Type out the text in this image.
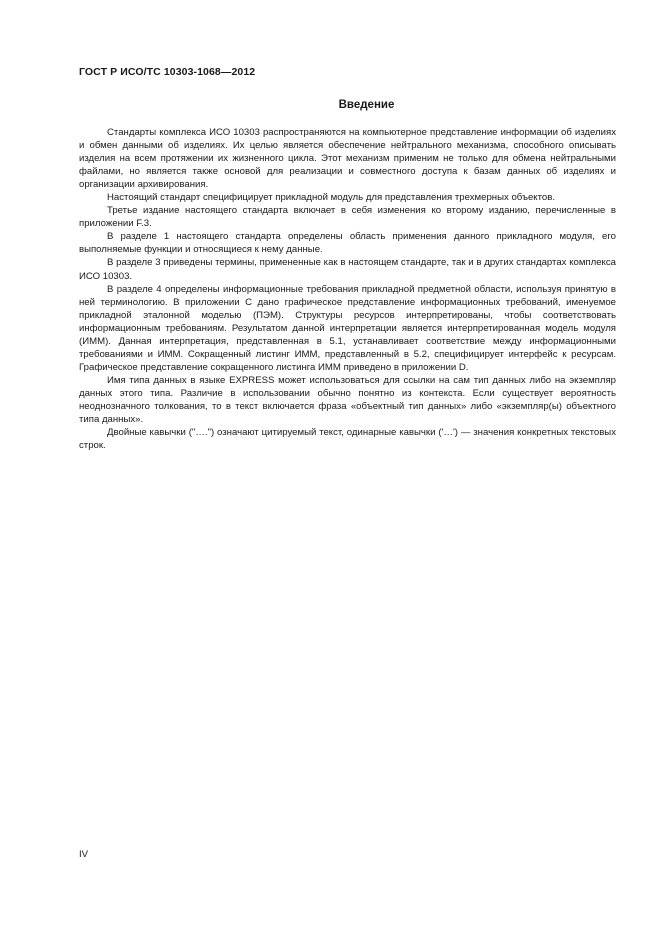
ГОСТ Р ИСО/ТС 10303-1068—2012
Введение

Стандарты комплекса ИСО 10303 распространяются на компьютерное представление информации об изделиях и обмен данными об изделиях. Их целью является обеспечение нейтрального механизма, способного описывать изделия на всем протяжении их жизненного цикла. Этот механизм применим не только для обмена нейтральными файлами, но является также основой для реализации и совместного доступа к базам данных об изделиях и организации архивирования.

Настоящий стандарт специфицирует прикладной модуль для представления трехмерных объектов.

Третье издание настоящего стандарта включает в себя изменения ко второму изданию, перечисленные в приложении F.3.

В разделе 1 настоящего стандарта определены область применения данного прикладного модуля, его выполняемые функции и относящиеся к нему данные.

В разделе 3 приведены термины, примененные как в настоящем стандарте, так и в других стандартах комплекса ИСО 10303.

В разделе 4 определены информационные требования прикладной предметной области, используя принятую в ней терминологию. В приложении С дано графическое представление информационных требований, именуемое прикладной эталонной моделью (ПЭМ). Структуры ресурсов интерпретированы, чтобы соответствовать информационным требованиям. Результатом данной интерпретации является интерпретированная модель модуля (ИММ). Данная интерпретация, представленная в 5.1, устанавливает соответствие между информационными требованиями и ИММ. Сокращенный листинг ИММ, представленный в 5.2, специфицирует интерфейс к ресурсам. Графическое представление сокращенного листинга ИММ приведено в приложении D.

Имя типа данных в языке EXPRESS может использоваться для ссылки на сам тип данных либо на экземпляр данных этого типа. Различие в использовании обычно понятно из контекста. Если существует вероятность неоднозначного толкования, то в текст включается фраза «объектный тип данных» либо «экземпляр(ы) объектного типа данных».

Двойные кавычки ("….") означают цитируемый текст, одинарные кавычки ('…') — значения конкретных текстовых строк.

IV
